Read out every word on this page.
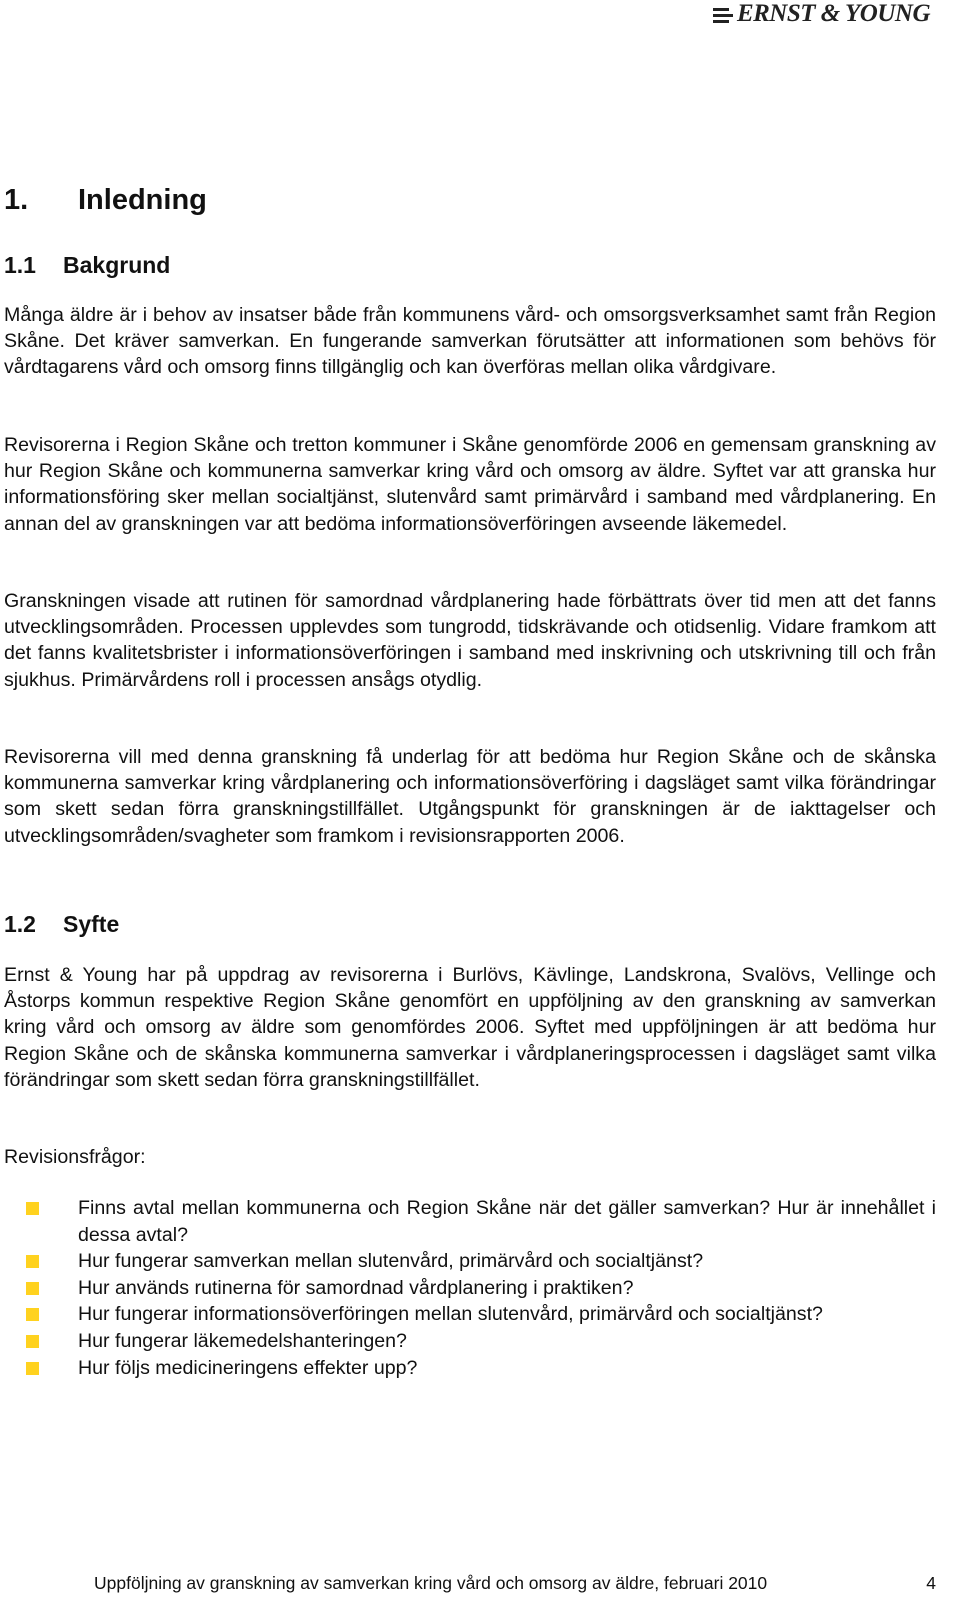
ERNST & YOUNG
1. Inledning
1.1 Bakgrund

Många äldre är i behov av insatser både från kommunens vård- och omsorgsverksamhet samt från Region Skåne. Det kräver samverkan. En fungerande samverkan förutsätter att informationen som behövs för vårdtagarens vård och omsorg finns tillgänglig och kan överföras mellan olika vårdgivare.

Revisorerna i Region Skåne och tretton kommuner i Skåne genomförde 2006 en gemensam granskning av hur Region Skåne och kommunerna samverkar kring vård och omsorg av äldre. Syftet var att granska hur informationsföring sker mellan socialtjänst, slutenvård samt primärvård i samband med vårdplanering. En annan del av granskningen var att bedöma informationsöverföringen avseende läkemedel.

Granskningen visade att rutinen för samordnad vårdplanering hade förbättrats över tid men att det fanns utvecklingsområden. Processen upplevdes som tungrodd, tidskrävande och otidsenlig. Vidare framkom att det fanns kvalitetsbrister i informationsöverföringen i samband med inskrivning och utskrivning till och från sjukhus. Primärvårdens roll i processen ansågs otydlig.

Revisorerna vill med denna granskning få underlag för att bedöma hur Region Skåne och de skånska kommunerna samverkar kring vårdplanering och informationsöverföring i dagsläget samt vilka förändringar som skett sedan förra granskningstillfället. Utgångspunkt för granskningen är de iakttagelser och utvecklingsområden/svagheter som framkom i revisionsrapporten 2006.

1.2 Syfte

Ernst & Young har på uppdrag av revisorerna i Burlövs, Kävlinge, Landskrona, Svalövs, Vellinge och Åstorps kommun respektive Region Skåne genomfört en uppföljning av den granskning av samverkan kring vård och omsorg av äldre som genomfördes 2006. Syftet med uppföljningen är att bedöma hur Region Skåne och de skånska kommunerna samverkar i vårdplaneringsprocessen i dagsläget samt vilka förändringar som skett sedan förra granskningstillfället.

Revisionsfrågor:

Finns avtal mellan kommunerna och Region Skåne när det gäller samverkan? Hur är innehållet i dessa avtal?
Hur fungerar samverkan mellan slutenvård, primärvård och socialtjänst?
Hur används rutinerna för samordnad vårdplanering i praktiken?
Hur fungerar informationsöverföringen mellan slutenvård, primärvård och socialtjänst?
Hur fungerar läkemedelshanteringen?
Hur följs medicineringens effekter upp?
Uppföljning av granskning av samverkan kring vård och omsorg av äldre, februari 2010	4
